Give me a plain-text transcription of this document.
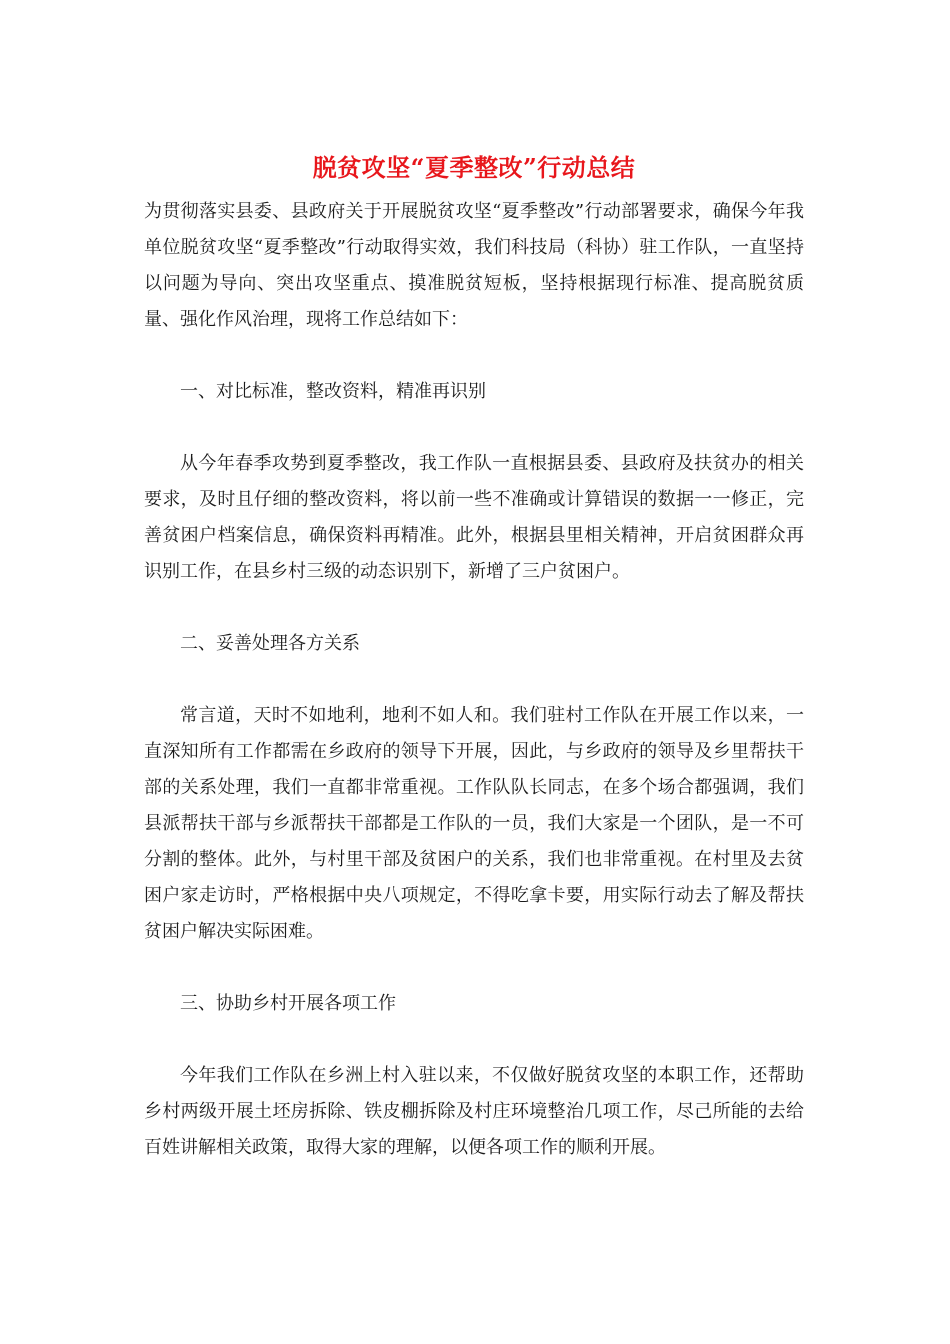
脱贫攻坚“夏季整改”行动总结

为贯彻落实县委、县政府关于开展脱贫攻坚“夏季整改”行动部署要求，确保今年我单位脱贫攻坚“夏季整改”行动取得实效，我们科技局（科协）驻工作队，一直坚持以问题为导向、突出攻坚重点、摸准脱贫短板，坚持根据现行标准、提高脱贫质量、强化作风治理，现将工作总结如下：

一、对比标准，整改资料，精准再识别

从今年春季攻势到夏季整改，我工作队一直根据县委、县政府及扶贫办的相关要求，及时且仔细的整改资料，将以前一些不准确或计算错误的数据一一修正，完善贫困户档案信息，确保资料再精准。此外，根据县里相关精神，开启贫困群众再识别工作，在县乡村三级的动态识别下，新增了三户贫困户。

二、妥善处理各方关系

常言道，天时不如地利，地利不如人和。我们驻村工作队在开展工作以来，一直深知所有工作都需在乡政府的领导下开展，因此，与乡政府的领导及乡里帮扶干部的关系处理，我们一直都非常重视。工作队队长同志，在多个场合都强调，我们县派帮扶干部与乡派帮扶干部都是工作队的一员，我们大家是一个团队，是一不可分割的整体。此外，与村里干部及贫困户的关系，我们也非常重视。在村里及去贫困户家走访时，严格根据中央八项规定，不得吃拿卡要，用实际行动去了解及帮扶贫困户解决实际困难。

三、协助乡村开展各项工作

今年我们工作队在乡洲上村入驻以来，不仅做好脱贫攻坚的本职工作，还帮助乡村两级开展土坯房拆除、铁皮棚拆除及村庄环境整治几项工作，尽己所能的去给百姓讲解相关政策，取得大家的理解，以便各项工作的顺利开展。
